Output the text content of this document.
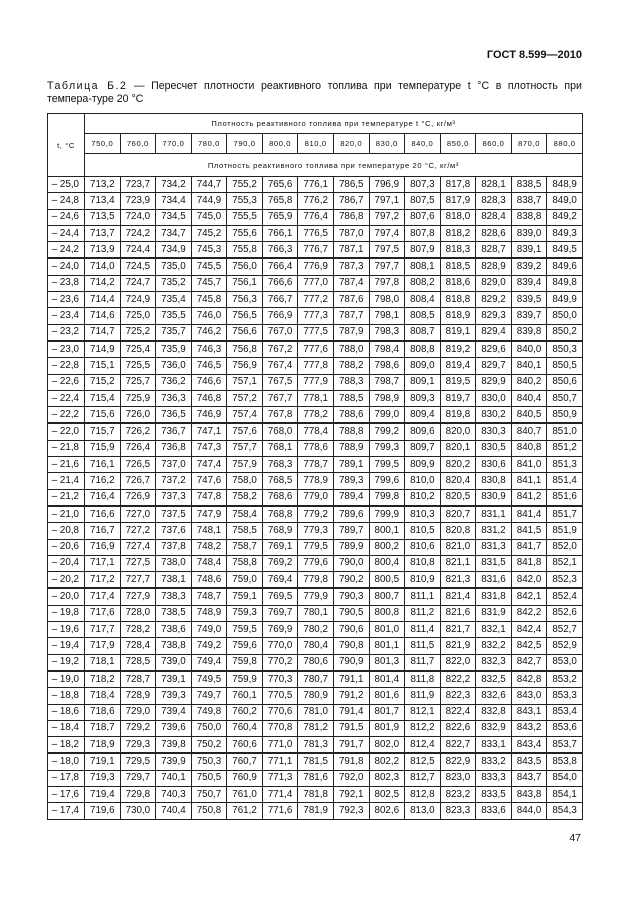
ГОСТ 8.599—2010
Таблица Б.2 — Пересчет плотности реактивного топлива при температуре t °C в плотность при темпера-туре 20 °C
t, °C	Плотность реактивного топлива при температуре t °C, кг/м³													
	750,0	760,0	770,0	780,0	790,0	800,0	810,0	820,0	830,0	840,0	850,0	860,0	870,0	880,0
	Плотность реактивного топлива при температуре 20 °C, кг/м³													
– 25,0	713,2	723,7	734,2	744,7	755,2	765,6	776,1	786,5	796,9	807,3	817,8	828,1	838,5	848,9
– 24,8	713,4	723,9	734,4	744,9	755,3	765,8	776,2	786,7	797,1	807,5	817,9	828,3	838,7	849,0
– 24,6	713,5	724,0	734,5	745,0	755,5	765,9	776,4	786,8	797,2	807,6	818,0	828,4	838,8	849,2
– 24,4	713,7	724,2	734,7	745,2	755,6	766,1	776,5	787,0	797,4	807,8	818,2	828,6	839,0	849,3
– 24,2	713,9	724,4	734,9	745,3	755,8	766,3	776,7	787,1	797,5	807,9	818,3	828,7	839,1	849,5
– 24,0	714,0	724,5	735,0	745,5	756,0	766,4	776,9	787,3	797,7	808,1	818,5	828,9	839,2	849,6
– 23,8	714,2	724,7	735,2	745,7	756,1	766,6	777,0	787,4	797,8	808,2	818,6	829,0	839,4	849,8
– 23,6	714,4	724,9	735,4	745,8	756,3	766,7	777,2	787,6	798,0	808,4	818,8	829,2	839,5	849,9
– 23,4	714,6	725,0	735,5	746,0	756,5	766,9	777,3	787,7	798,1	808,5	818,9	829,3	839,7	850,0
– 23,2	714,7	725,2	735,7	746,2	756,6	767,0	777,5	787,9	798,3	808,7	819,1	829,4	839,8	850,2
– 23,0	714,9	725,4	735,9	746,3	756,8	767,2	777,6	788,0	798,4	808,8	819,2	829,6	840,0	850,3
– 22,8	715,1	725,5	736,0	746,5	756,9	767,4	777,8	788,2	798,6	809,0	819,4	829,7	840,1	850,5
– 22,6	715,2	725,7	736,2	746,6	757,1	767,5	777,9	788,3	798,7	809,1	819,5	829,9	840,2	850,6
– 22,4	715,4	725,9	736,3	746,8	757,2	767,7	778,1	788,5	798,9	809,3	819,7	830,0	840,4	850,7
– 22,2	715,6	726,0	736,5	746,9	757,4	767,8	778,2	788,6	799,0	809,4	819,8	830,2	840,5	850,9
– 22,0	715,7	726,2	736,7	747,1	757,6	768,0	778,4	788,8	799,2	809,6	820,0	830,3	840,7	851,0
– 21,8	715,9	726,4	736,8	747,3	757,7	768,1	778,6	788,9	799,3	809,7	820,1	830,5	840,8	851,2
– 21,6	716,1	726,5	737,0	747,4	757,9	768,3	778,7	789,1	799,5	809,9	820,2	830,6	841,0	851,3
– 21,4	716,2	726,7	737,2	747,6	758,0	768,5	778,9	789,3	799,6	810,0	820,4	830,8	841,1	851,4
– 21,2	716,4	726,9	737,3	747,8	758,2	768,6	779,0	789,4	799,8	810,2	820,5	830,9	841,2	851,6
– 21,0	716,6	727,0	737,5	747,9	758,4	768,8	779,2	789,6	799,9	810,3	820,7	831,1	841,4	851,7
– 20,8	716,7	727,2	737,6	748,1	758,5	768,9	779,3	789,7	800,1	810,5	820,8	831,2	841,5	851,9
– 20,6	716,9	727,4	737,8	748,2	758,7	769,1	779,5	789,9	800,2	810,6	821,0	831,3	841,7	852,0
– 20,4	717,1	727,5	738,0	748,4	758,8	769,2	779,6	790,0	800,4	810,8	821,1	831,5	841,8	852,1
– 20,2	717,2	727,7	738,1	748,6	759,0	769,4	779,8	790,2	800,5	810,9	821,3	831,6	842,0	852,3
– 20,0	717,4	727,9	738,3	748,7	759,1	769,5	779,9	790,3	800,7	811,1	821,4	831,8	842,1	852,4
– 19,8	717,6	728,0	738,5	748,9	759,3	769,7	780,1	790,5	800,8	811,2	821,6	831,9	842,2	852,6
– 19,6	717,7	728,2	738,6	749,0	759,5	769,9	780,2	790,6	801,0	811,4	821,7	832,1	842,4	852,7
– 19,4	717,9	728,4	738,8	749,2	759,6	770,0	780,4	790,8	801,1	811,5	821,9	832,2	842,5	852,9
– 19,2	718,1	728,5	739,0	749,4	759,8	770,2	780,6	790,9	801,3	811,7	822,0	832,3	842,7	853,0
– 19,0	718,2	728,7	739,1	749,5	759,9	770,3	780,7	791,1	801,4	811,8	822,2	832,5	842,8	853,2
– 18,8	718,4	728,9	739,3	749,7	760,1	770,5	780,9	791,2	801,6	811,9	822,3	832,6	843,0	853,3
– 18,6	718,6	729,0	739,4	749,8	760,2	770,6	781,0	791,4	801,7	812,1	822,4	832,8	843,1	853,4
– 18,4	718,7	729,2	739,6	750,0	760,4	770,8	781,2	791,5	801,9	812,2	822,6	832,9	843,2	853,6
– 18,2	718,9	729,3	739,8	750,2	760,6	771,0	781,3	791,7	802,0	812,4	822,7	833,1	843,4	853,7
– 18,0	719,1	729,5	739,9	750,3	760,7	771,1	781,5	791,8	802,2	812,5	822,9	833,2	843,5	853,8
– 17,8	719,3	729,7	740,1	750,5	760,9	771,3	781,6	792,0	802,3	812,7	823,0	833,3	843,7	854,0
– 17,6	719,4	729,8	740,3	750,7	761,0	771,4	781,8	792,1	802,5	812,8	823,2	833,5	843,8	854,1
– 17,4	719,6	730,0	740,4	750,8	761,2	771,6	781,9	792,3	802,6	813,0	823,3	833,6	844,0	854,3
47
